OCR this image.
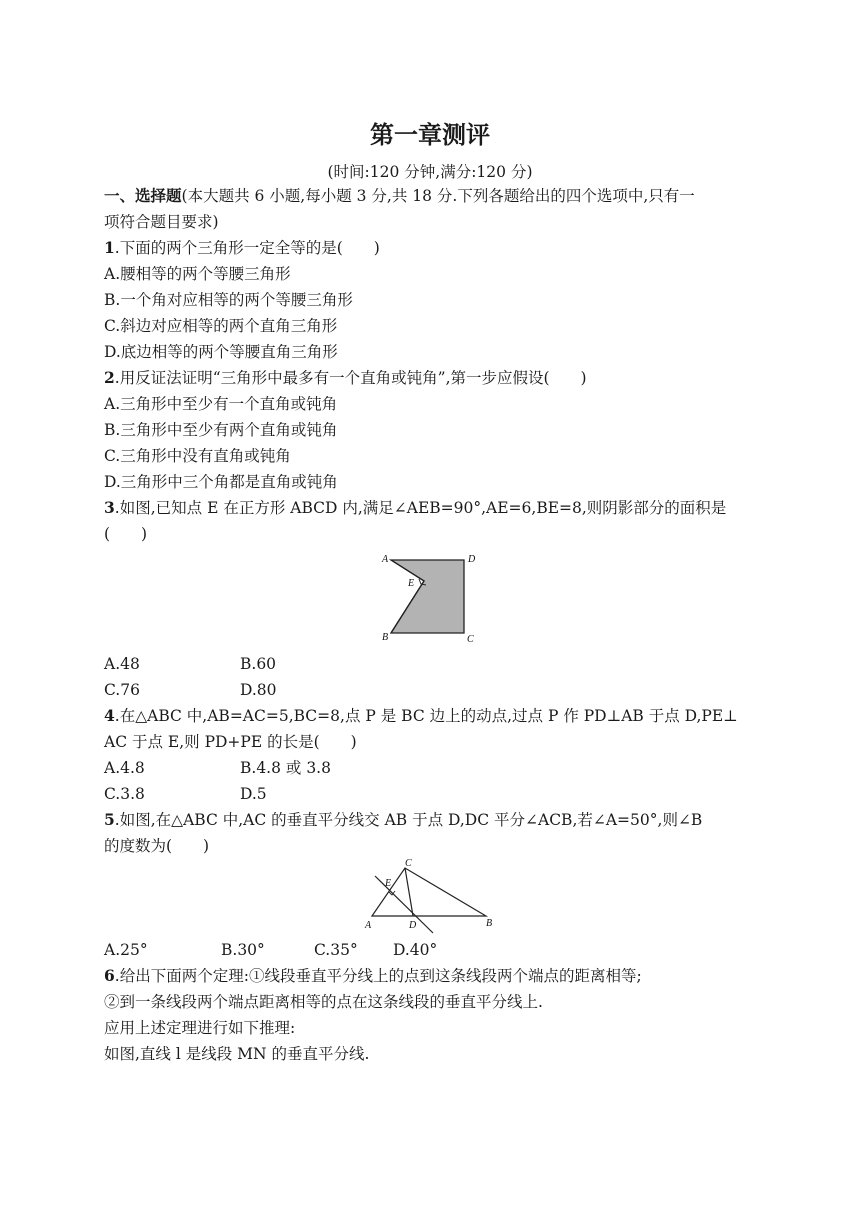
第一章测评
(时间:120 分钟,满分:120 分)
一、选择题(本大题共 6 小题,每小题 3 分,共 18 分.下列各题给出的四个选项中,只有一
项符合题目要求)
1.下面的两个三角形一定全等的是(　　)
A.腰相等的两个等腰三角形
B.一个角对应相等的两个等腰三角形
C.斜边对应相等的两个直角三角形
D.底边相等的两个等腰直角三角形
2.用反证法证明“三角形中最多有一个直角或钝角”,第一步应假设(　　)
A.三角形中至少有一个直角或钝角
B.三角形中至少有两个直角或钝角
C.三角形中没有直角或钝角
D.三角形中三个角都是直角或钝角
3.如图,已知点 E 在正方形 ABCD 内,满足∠AEB=90°,AE=6,BE=8,则阴影部分的面积是
(　　)
A	D
B	C
E
A.48	B.60
C.76	D.80
4.在△ABC 中,AB=AC=5,BC=8,点 P 是 BC 边上的动点,过点 P 作 PD⊥AB 于点 D,PE⊥
AC 于点 E,则 PD+PE 的长是(　　)
A.4.8	B.4.8 或 3.8
C.3.8	D.5
5.如图,在△ABC 中,AC 的垂直平分线交 AB 于点 D,DC 平分∠ACB,若∠A=50°,则∠B
的度数为(　　)
C
E
A	D	B
A.25°	B.30°	C.35° D.40°
6.给出下面两个定理:①线段垂直平分线上的点到这条线段两个端点的距离相等;
②到一条线段两个端点距离相等的点在这条线段的垂直平分线上.
应用上述定理进行如下推理:
如图,直线 l 是线段 MN 的垂直平分线.
